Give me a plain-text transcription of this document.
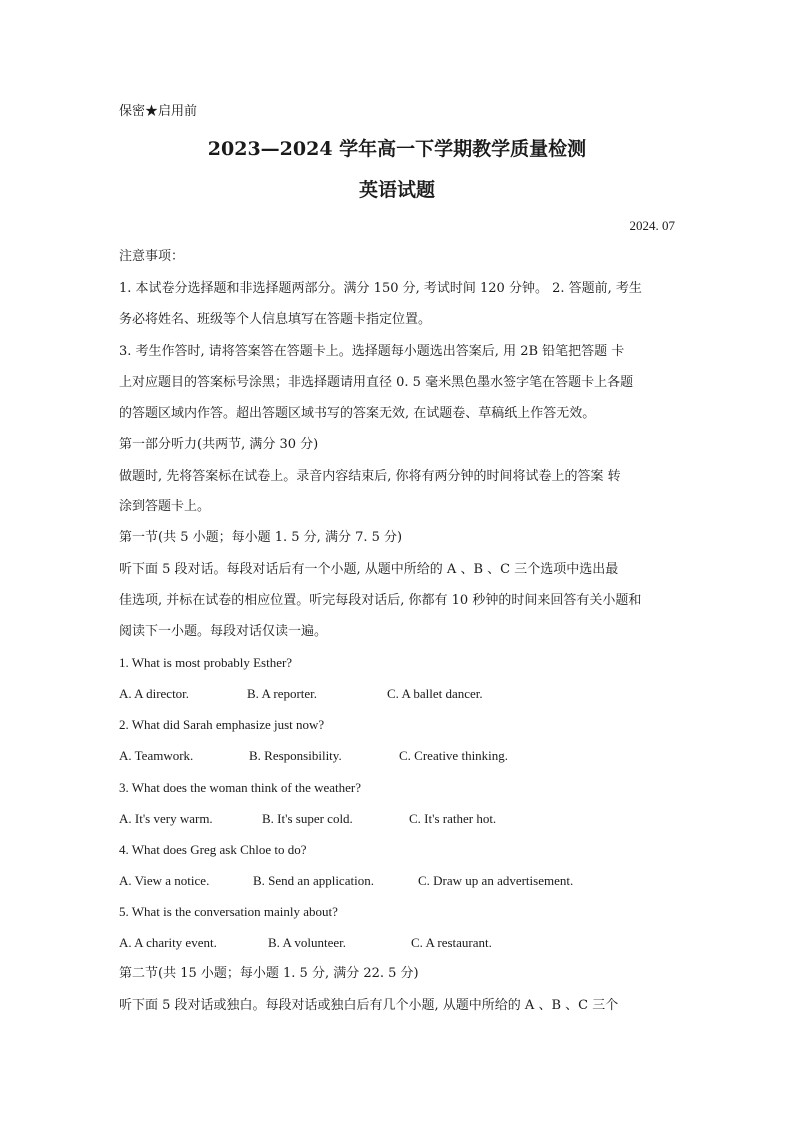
保密★启用前
2023—2024 学年高一下学期教学质量检测
英语试题
2024. 07
注意事项：
1. 本试卷分选择题和非选择题两部分。满分 150 分, 考试时间 120 分钟。 2. 答题前, 考生
务必将姓名、班级等个人信息填写在答题卡指定位置。
3. 考生作答时, 请将答案答在答题卡上。选择题每小题选出答案后, 用 2B 铅笔把答题 卡
上对应题目的答案标号涂黑；非选择题请用直径 0. 5 毫米黑色墨水签字笔在答题卡上各题
的答题区域内作答。超出答题区域书写的答案无效, 在试题卷、草稿纸上作答无效。
第一部分听力(共两节, 满分 30 分)
做题时, 先将答案标在试卷上。录音内容结束后, 你将有两分钟的时间将试卷上的答案 转
涂到答题卡上。
第一节(共 5 小题；每小题 1. 5 分, 满分 7. 5 分)
听下面 5 段对话。每段对话后有一个小题, 从题中所给的 A 、B 、C 三个选项中选出最
佳选项, 并标在试卷的相应位置。听完每段对话后, 你都有 10 秒钟的时间来回答有关小题和
阅读下一小题。每段对话仅读一遍。
1. What is most probably Esther?
A. A director.	B. A reporter.	C. A ballet dancer.
2. What did Sarah emphasize just now?
A. Teamwork.	B. Responsibility.	C. Creative thinking.
3. What does the woman think of the weather?
A. It's very warm.	B. It's super cold.	C. It's rather hot.
4. What does Greg ask Chloe to do?
A. View a notice.	B. Send an application.	C. Draw up an advertisement.
5. What is the conversation mainly about?
A. A charity event.	B. A volunteer.	C. A restaurant.
第二节(共 15 小题；每小题 1. 5 分, 满分 22. 5 分)
听下面 5 段对话或独白。每段对话或独白后有几个小题, 从题中所给的 A 、B 、C 三个
